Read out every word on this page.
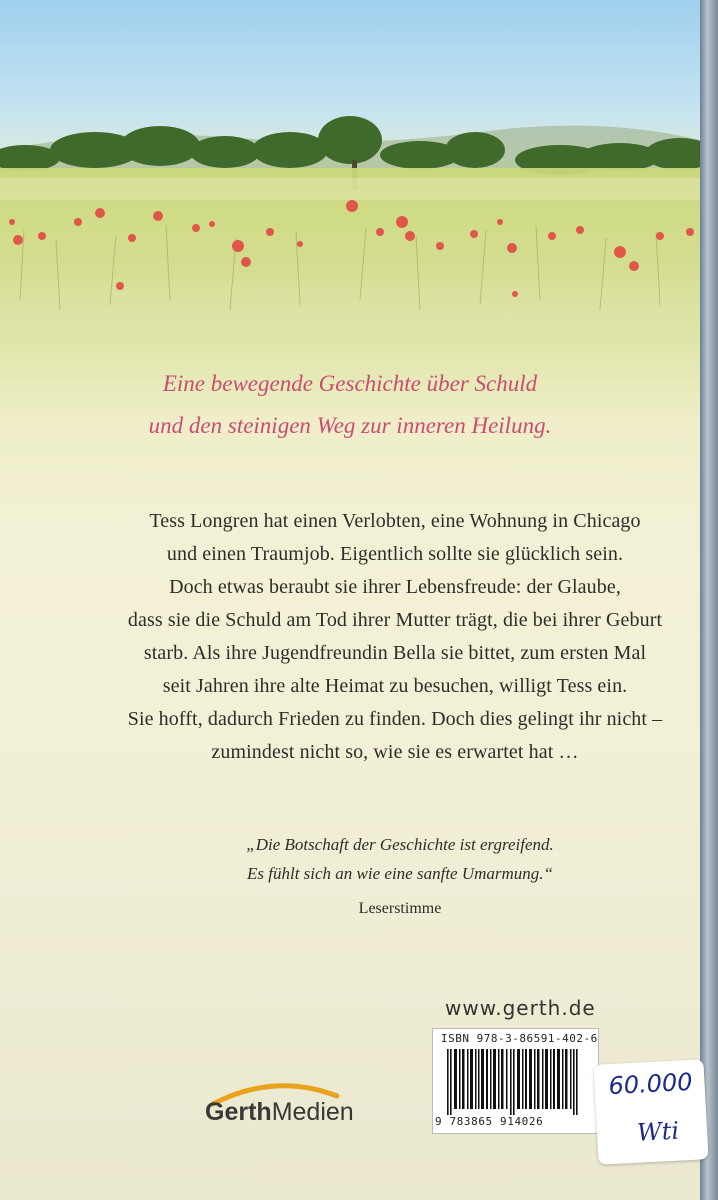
Eine bewegende Geschichte über Schuld
und den steinigen Weg zur inneren Heilung.
Tess Longren hat einen Verlobten, eine Wohnung in Chicago
und einen Traumjob. Eigentlich sollte sie glücklich sein.
Doch etwas beraubt sie ihrer Lebensfreude: der Glaube,
dass sie die Schuld am Tod ihrer Mutter trägt, die bei ihrer Geburt
starb. Als ihre Jugendfreundin Bella sie bittet, zum ersten Mal
seit Jahren ihre alte Heimat zu besuchen, willigt Tess ein.
Sie hofft, dadurch Frieden zu finden. Doch dies gelingt ihr nicht –
zumindest nicht so, wie sie es erwartet hat …
„Die Botschaft der Geschichte ist ergreifend.
Es fühlt sich an wie eine sanfte Umarmung.“
Leserstimme
www.gerth.de
ISBN 978-3-86591-402-6
9 783865 914026
GerthMedien
60.000
Wti
